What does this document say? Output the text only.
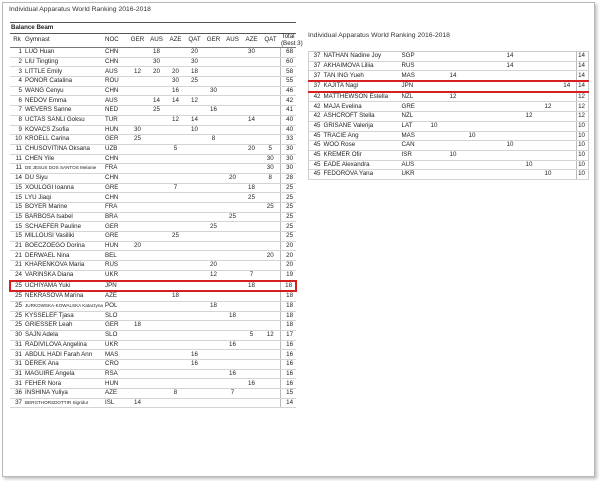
Individual Apparatus World Ranking 2016-2018
Individual Apparatus World Ranking 2016-2018
Balance Beam											
Rk	Gymnast	NOC	GER	AUS	AZE	QAT	GER	AUS	AZE	QAT	Total
(Best 3)

1	LUO Huan	CHN		18		20			30		68
2	LIU Tingting	CHN		30		30					60
3	LITTLE Emily	AUS	12	20	20	18					58
4	PONOR Catalina	ROU			30	25					55
5	WANG Cenyu	CHN			16		30				46
6	NEDOV Emma	AUS		14	14	12					42
7	WEVERS Sanne	NED		25			16				41
8	UCTAS SANLI Goksu	TUR			12	14			14		40
9	KOVACS Zsofia	HUN	30			10					40
10	KROELL Carina	GER	25				8				33
11	CHUSOVITINA Oksana	UZB			5				20	5	30
11	CHEN Yile	CHN								30	30
11	DE JESUS DOS SANTOS Melanie	FRA								30	30
14	DU Siyu	CHN						20		8	28
15	XOULOGI Ioanna	GRE			7				18		25
15	LYU Jiaqi	CHN							25		25
15	BOYER Marine	FRA								25	25
15	BARBOSA Isabel	BRA						25			25
15	SCHAEFER Pauline	GER					25				25
15	MILLOUSI Vasiliki	GRE			25						25
21	BOECZOEGO Dorina	HUN	20								20
21	DERWAEL Nina	BEL								20	20
21	KHARENKOVA Maria	RUS					20				20
24	VARINSKA Diana	UKR					12		7		19
25	UCHIYAMA Yuki	JPN							18		18
25	NEKRASOVA Marina	AZE			18						18
25	JURKOWSKA-KOWALSKA Katarzyna	POL					18				18
25	KYSSELEF Tjasa	SLO						18			18
25	GRIESSER Leah	GER	18								18
30	SAJN Adela	SLO							5	12	17
31	RADIVILOVA Angelina	UKR						16			16
31	ABDUL HADI Farah Ann	MAS				16					16
31	DEREK Ana	CRO				16					16
31	MAGUIRE Angela	RSA						16			16
31	FEHER Nora	HUN							16		16
36	INSHINA Yuliya	AZE			8			7			15
37	BERGTHORSDOTTIR Sigridur	ISL	14								14
37	NATHAN Nadine Joy	SGP					14				14
37	AKHAIMOVA Liliia	RUS					14				14
37	TAN ING Yueh	MAS		14							14
37	KAJITA Nagi	JPN								14	14
42	MATTHEWSON Estella	NZL		12							12
42	MAJA Evelina	GRE							12		12
42	ASHCROFT Stella	NZL						12			12
45	GRISANE Valerija	LAT	10								10
45	TRACIE Ang	MAS			10						10
45	WOO Rose	CAN					10				10
45	KREMER Ofir	ISR		10							10
45	EADE Alexandra	AUS						10			10
45	FEDOROVA Yana	UKR							10		10
